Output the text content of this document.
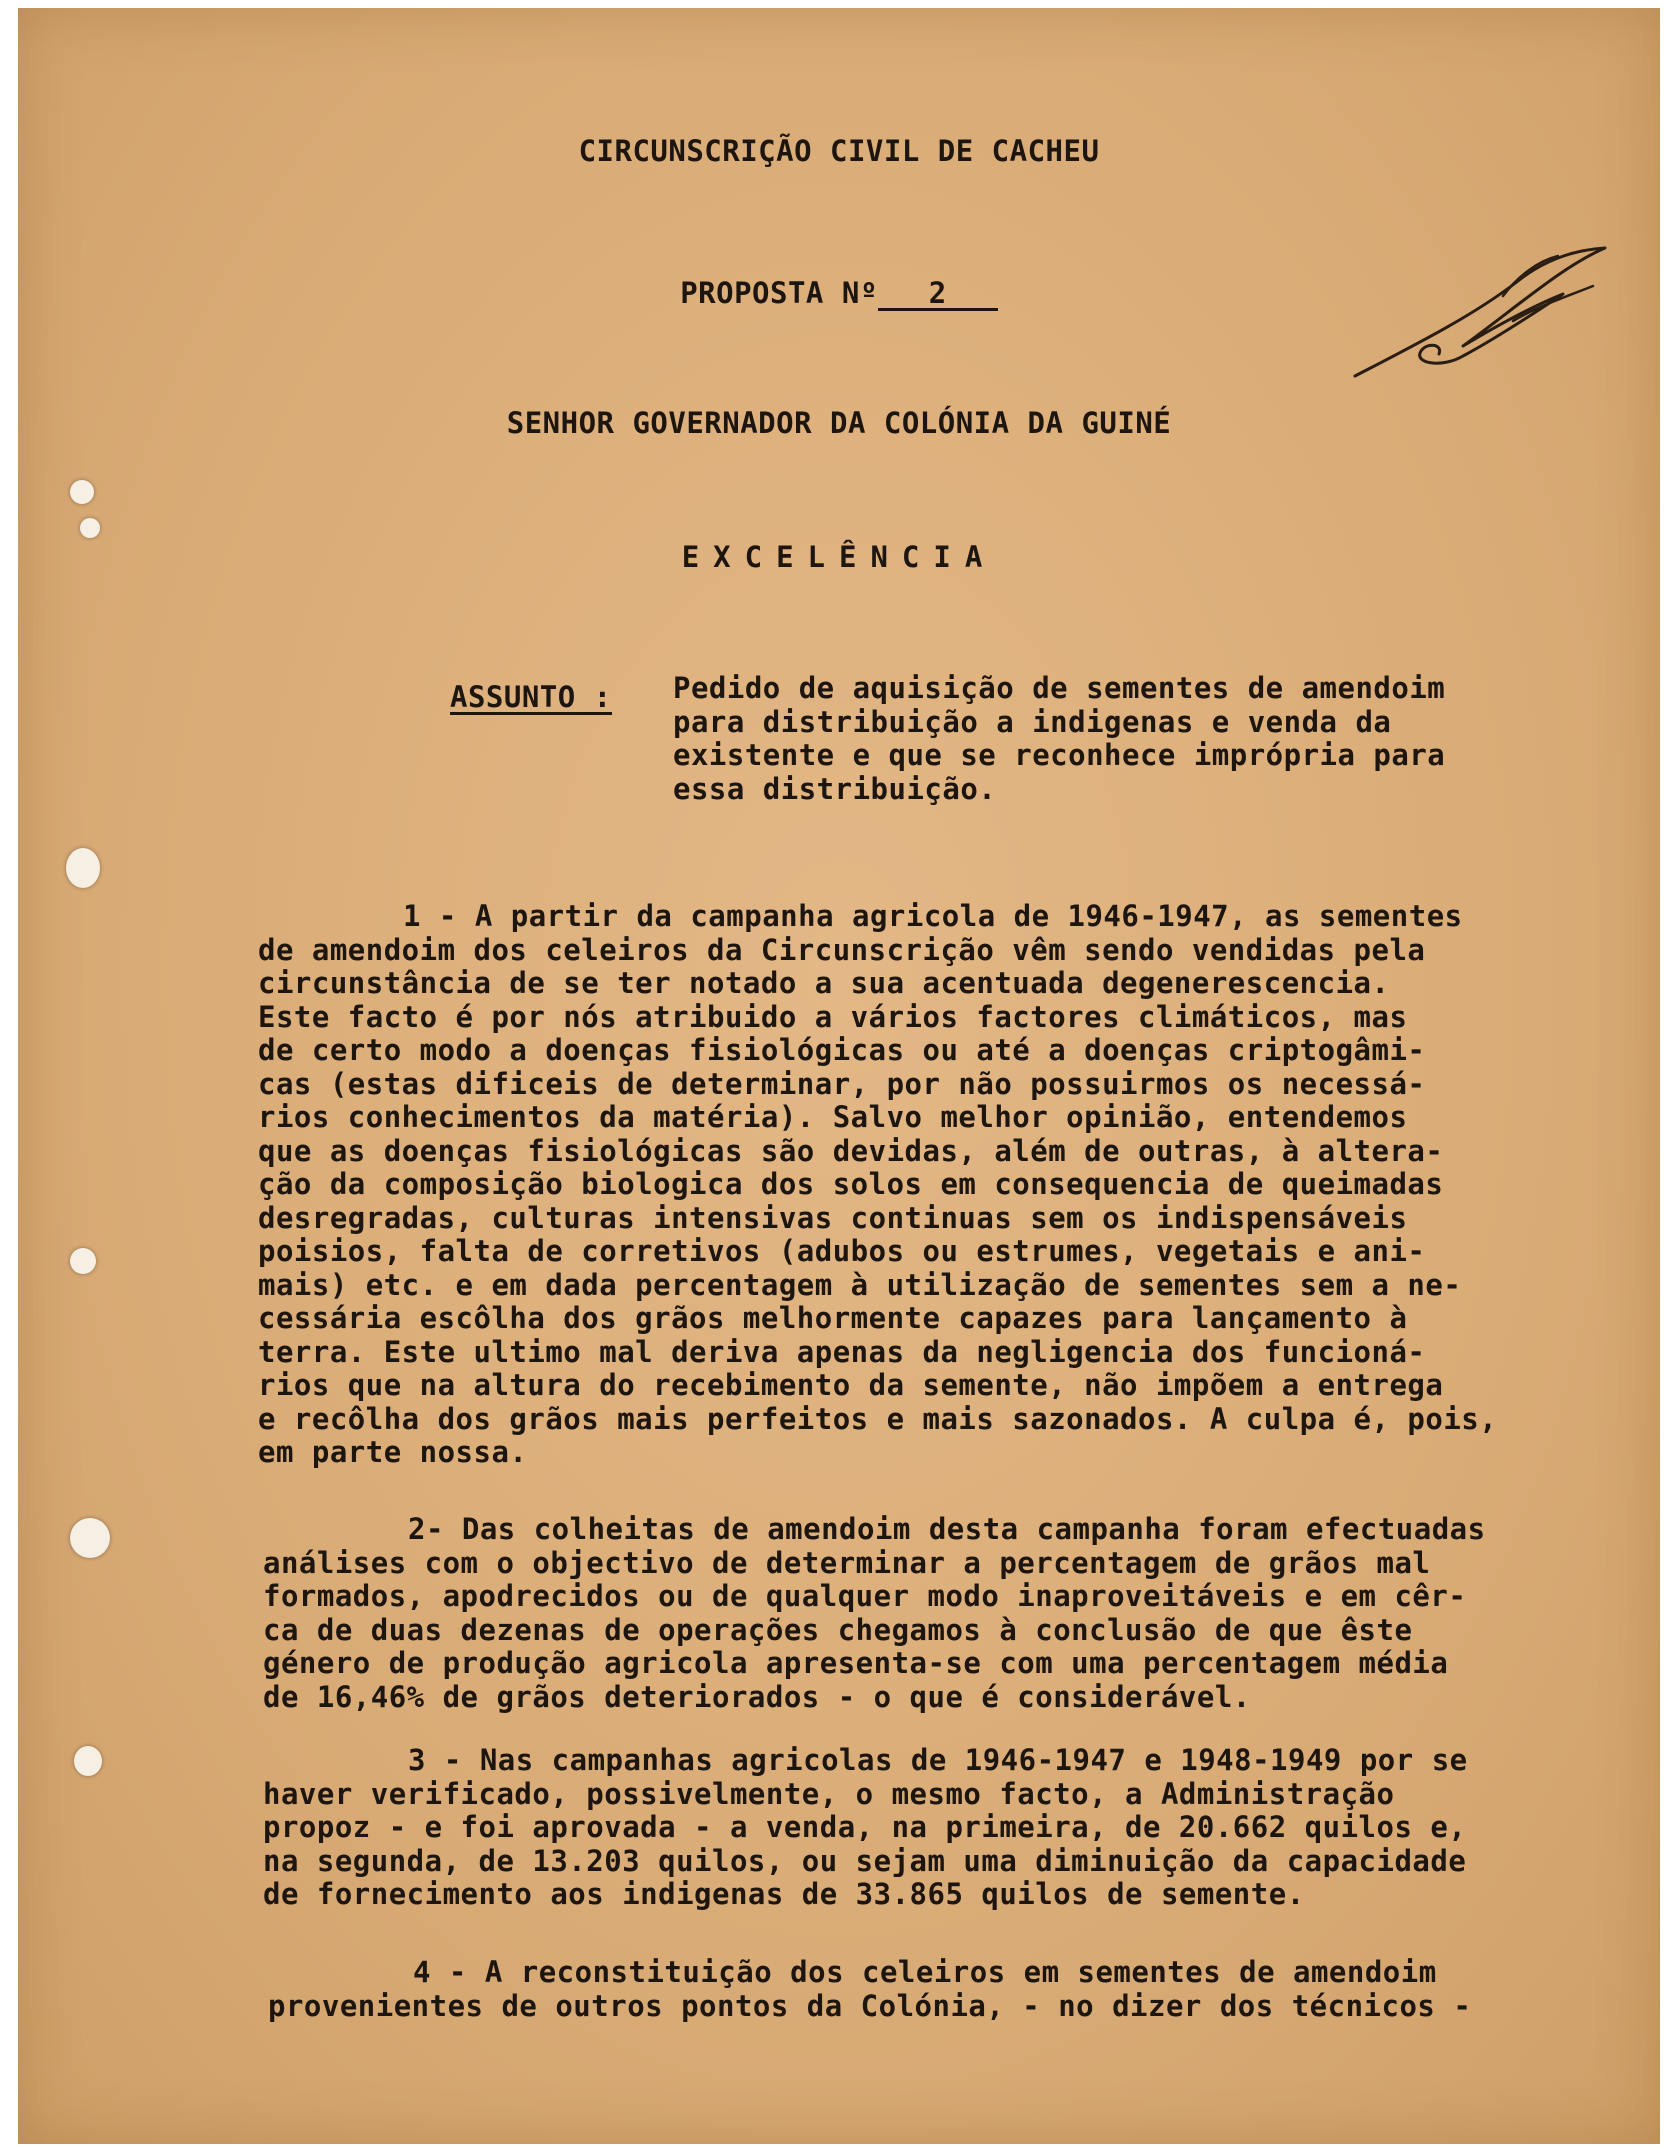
CIRCUNSCRIÇÃO CIVIL DE CACHEU
PROPOSTA Nº 2
SENHOR GOVERNADOR DA COLÓNIA DA GUINÉ
EXCELÊNCIA
ASSUNTO : Pedido de aquisição de sementes de amendoim
para distribuição a indigenas e venda da
existente e que se reconhece imprópria para
essa distribuição.
1 - A partir da campanha agricola de 1946-1947, as sementes
de amendoim dos celeiros da Circunscrição vêm sendo vendidas pela
circunstância de se ter notado a sua acentuada degenerescencia.
Este facto é por nós atribuido a vários factores climáticos, mas
de certo modo a doenças fisiológicas ou até a doenças criptogâmi-
cas (estas dificeis de determinar, por não possuirmos os necessá-
rios conhecimentos da matéria). Salvo melhor opinião, entendemos
que as doenças fisiológicas são devidas, além de outras, à altera-
ção da composição biologica dos solos em consequencia de queimadas
desregradas, culturas intensivas continuas sem os indispensáveis
poisios, falta de corretivos (adubos ou estrumes, vegetais e ani-
mais) etc. e em dada percentagem à utilização de sementes sem a ne-
cessária escôlha dos grãos melhormente capazes para lançamento à
terra. Este ultimo mal deriva apenas da negligencia dos funcioná-
rios que na altura do recebimento da semente, não impõem a entrega
e recôlha dos grãos mais perfeitos e mais sazonados. A culpa é, pois,
em parte nossa.
2- Das colheitas de amendoim desta campanha foram efectuadas
análises com o objectivo de determinar a percentagem de grãos mal
formados, apodrecidos ou de qualquer modo inaproveitáveis e em cêr-
ca de duas dezenas de operações chegamos à conclusão de que êste
género de produção agricola apresenta-se com uma percentagem média
de 16,46% de grãos deteriorados - o que é considerável.
3 - Nas campanhas agricolas de 1946-1947 e 1948-1949 por se
haver verificado, possivelmente, o mesmo facto, a Administração
propoz - e foi aprovada - a venda, na primeira, de 20.662 quilos e,
na segunda, de 13.203 quilos, ou sejam uma diminuição da capacidade
de fornecimento aos indigenas de 33.865 quilos de semente.
4 - A reconstituição dos celeiros em sementes de amendoim
provenientes de outros pontos da Colónia, - no dizer dos técnicos -
